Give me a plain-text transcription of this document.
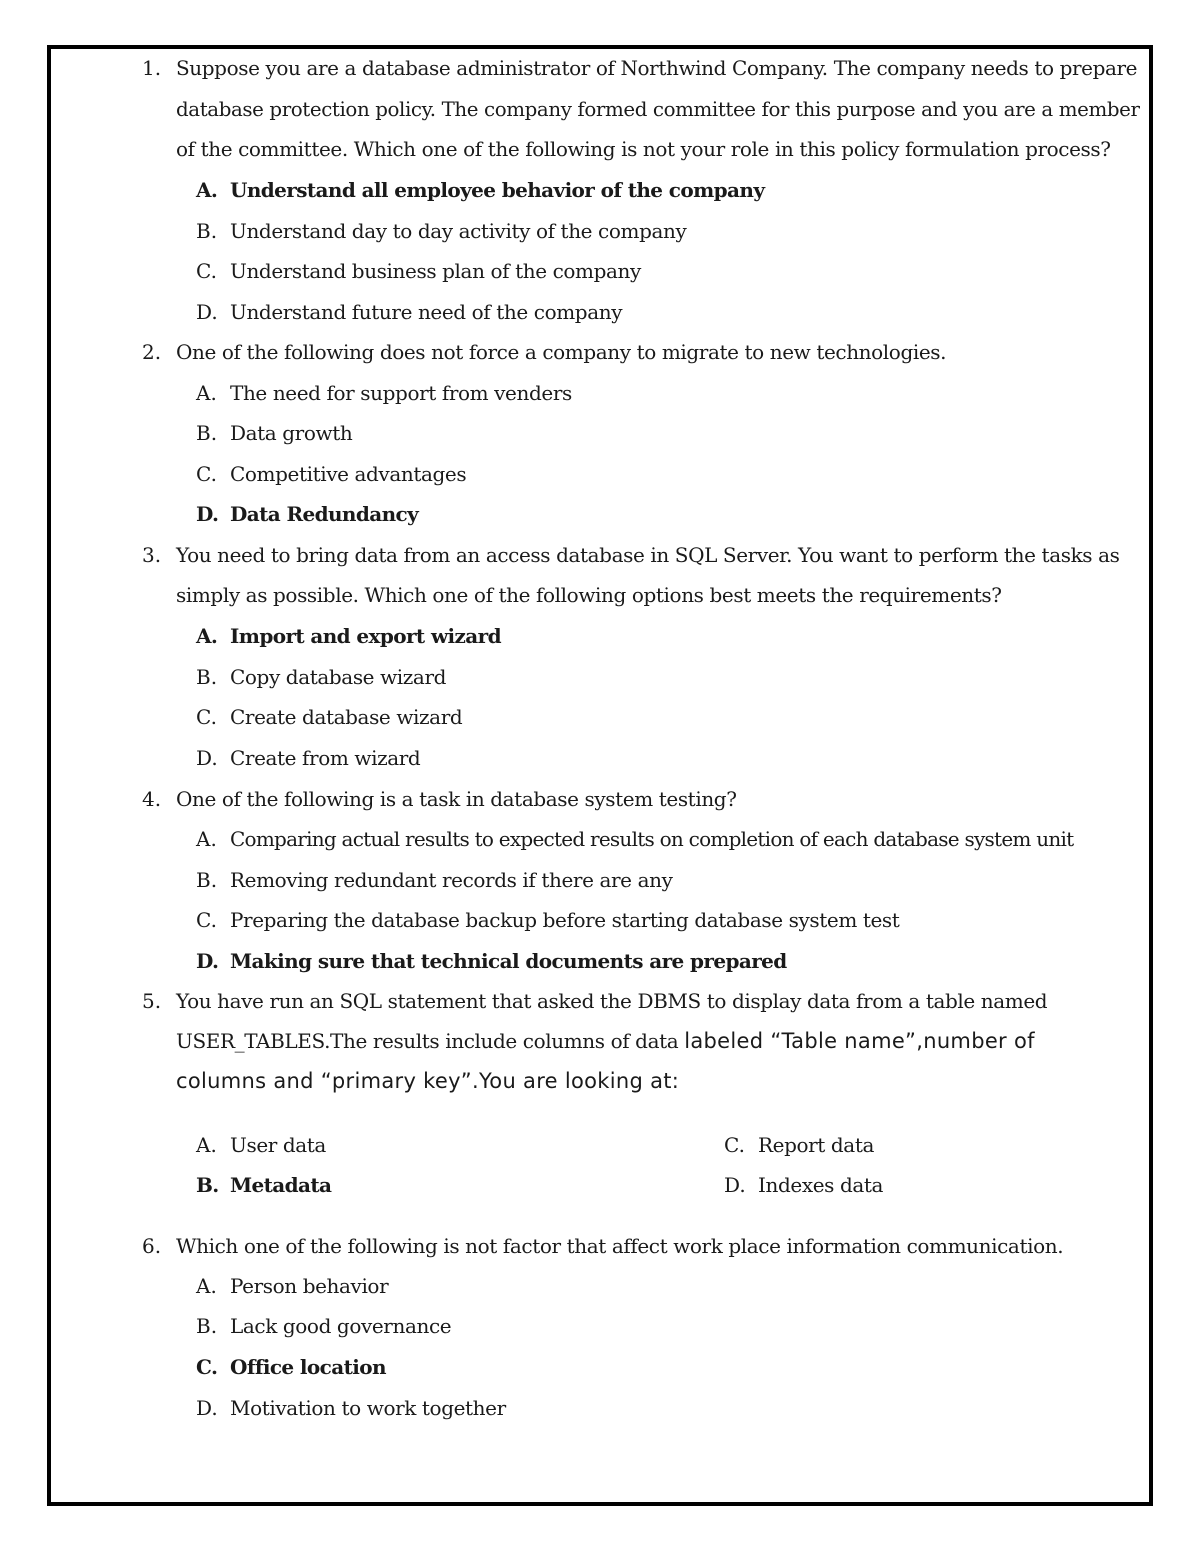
1. Suppose you are a database administrator of Northwind Company. The company needs to prepare
database protection policy. The company formed committee for this purpose and you are a member
of the committee. Which one of the following is not your role in this policy formulation process?
A. Understand all employee behavior of the company
B. Understand day to day activity of the company
C. Understand business plan of the company
D. Understand future need of the company
2. One of the following does not force a company to migrate to new technologies.
A. The need for support from venders
B. Data growth
C. Competitive advantages
D. Data Redundancy
3. You need to bring data from an access database in SQL Server. You want to perform the tasks as
simply as possible. Which one of the following options best meets the requirements?
A. Import and export wizard
B. Copy database wizard
C. Create database wizard
D. Create from wizard
4. One of the following is a task in database system testing?
A. Comparing actual results to expected results on completion of each database system unit
B. Removing redundant records if there are any
C. Preparing the database backup before starting database system test
D. Making sure that technical documents are prepared
5. You have run an SQL statement that asked the DBMS to display data from a table named
USER_TABLES.The results include columns of data labeled “Table name”,number of
columns and “primary key”.You are looking at:
A. User data
B. Metadata
C. Report data
D. Indexes data
6. Which one of the following is not factor that affect work place information communication.
A. Person behavior
B. Lack good governance
C. Office location
D. Motivation to work together
